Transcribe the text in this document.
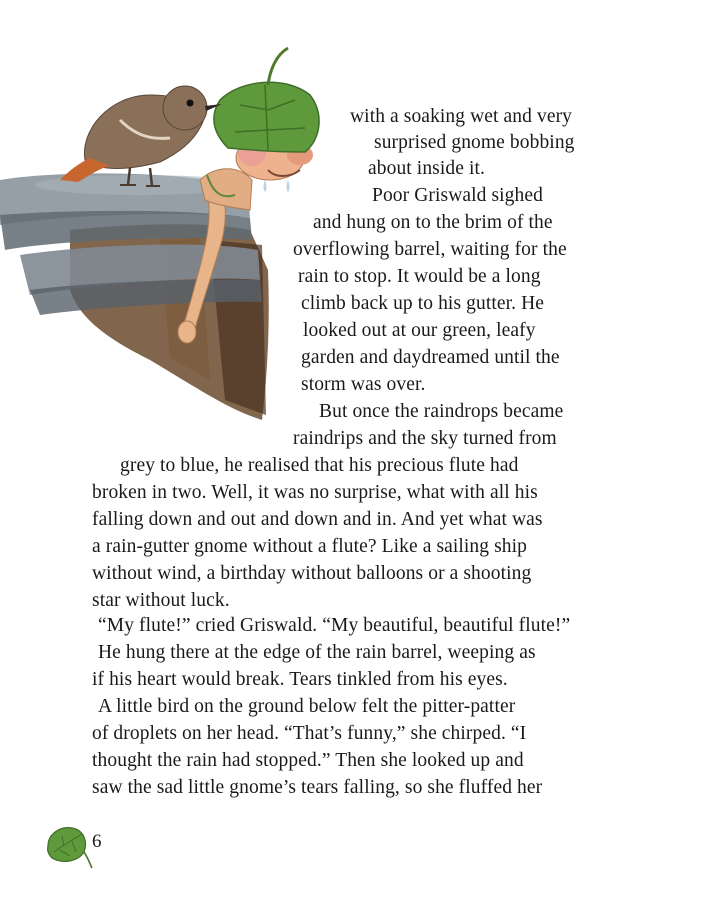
with a soaking wet and very
surprised gnome bobbing
about inside it.
Poor Griswald sighed
and hung on to the brim of the
overflowing barrel, waiting for the
rain to stop. It would be a long
climb back up to his gutter. He
looked out at our green, leafy
garden and daydreamed until the
storm was over.
But once the raindrops became
raindrips and the sky turned from
grey to blue, he realised that his precious flute had
broken in two. Well, it was no surprise, what with all his
falling down and out and down and in. And yet what was
a rain-gutter gnome without a flute? Like a sailing ship
without wind, a birthday without balloons or a shooting
star without luck.
“My flute!” cried Griswald. “My beautiful, beautiful flute!”
He hung there at the edge of the rain barrel, weeping as
if his heart would break. Tears tinkled from his eyes.
A little bird on the ground below felt the pitter-patter
of droplets on her head. “That’s funny,” she chirped. “I
thought the rain had stopped.” Then she looked up and
saw the sad little gnome’s tears falling, so she fluffed her
6
